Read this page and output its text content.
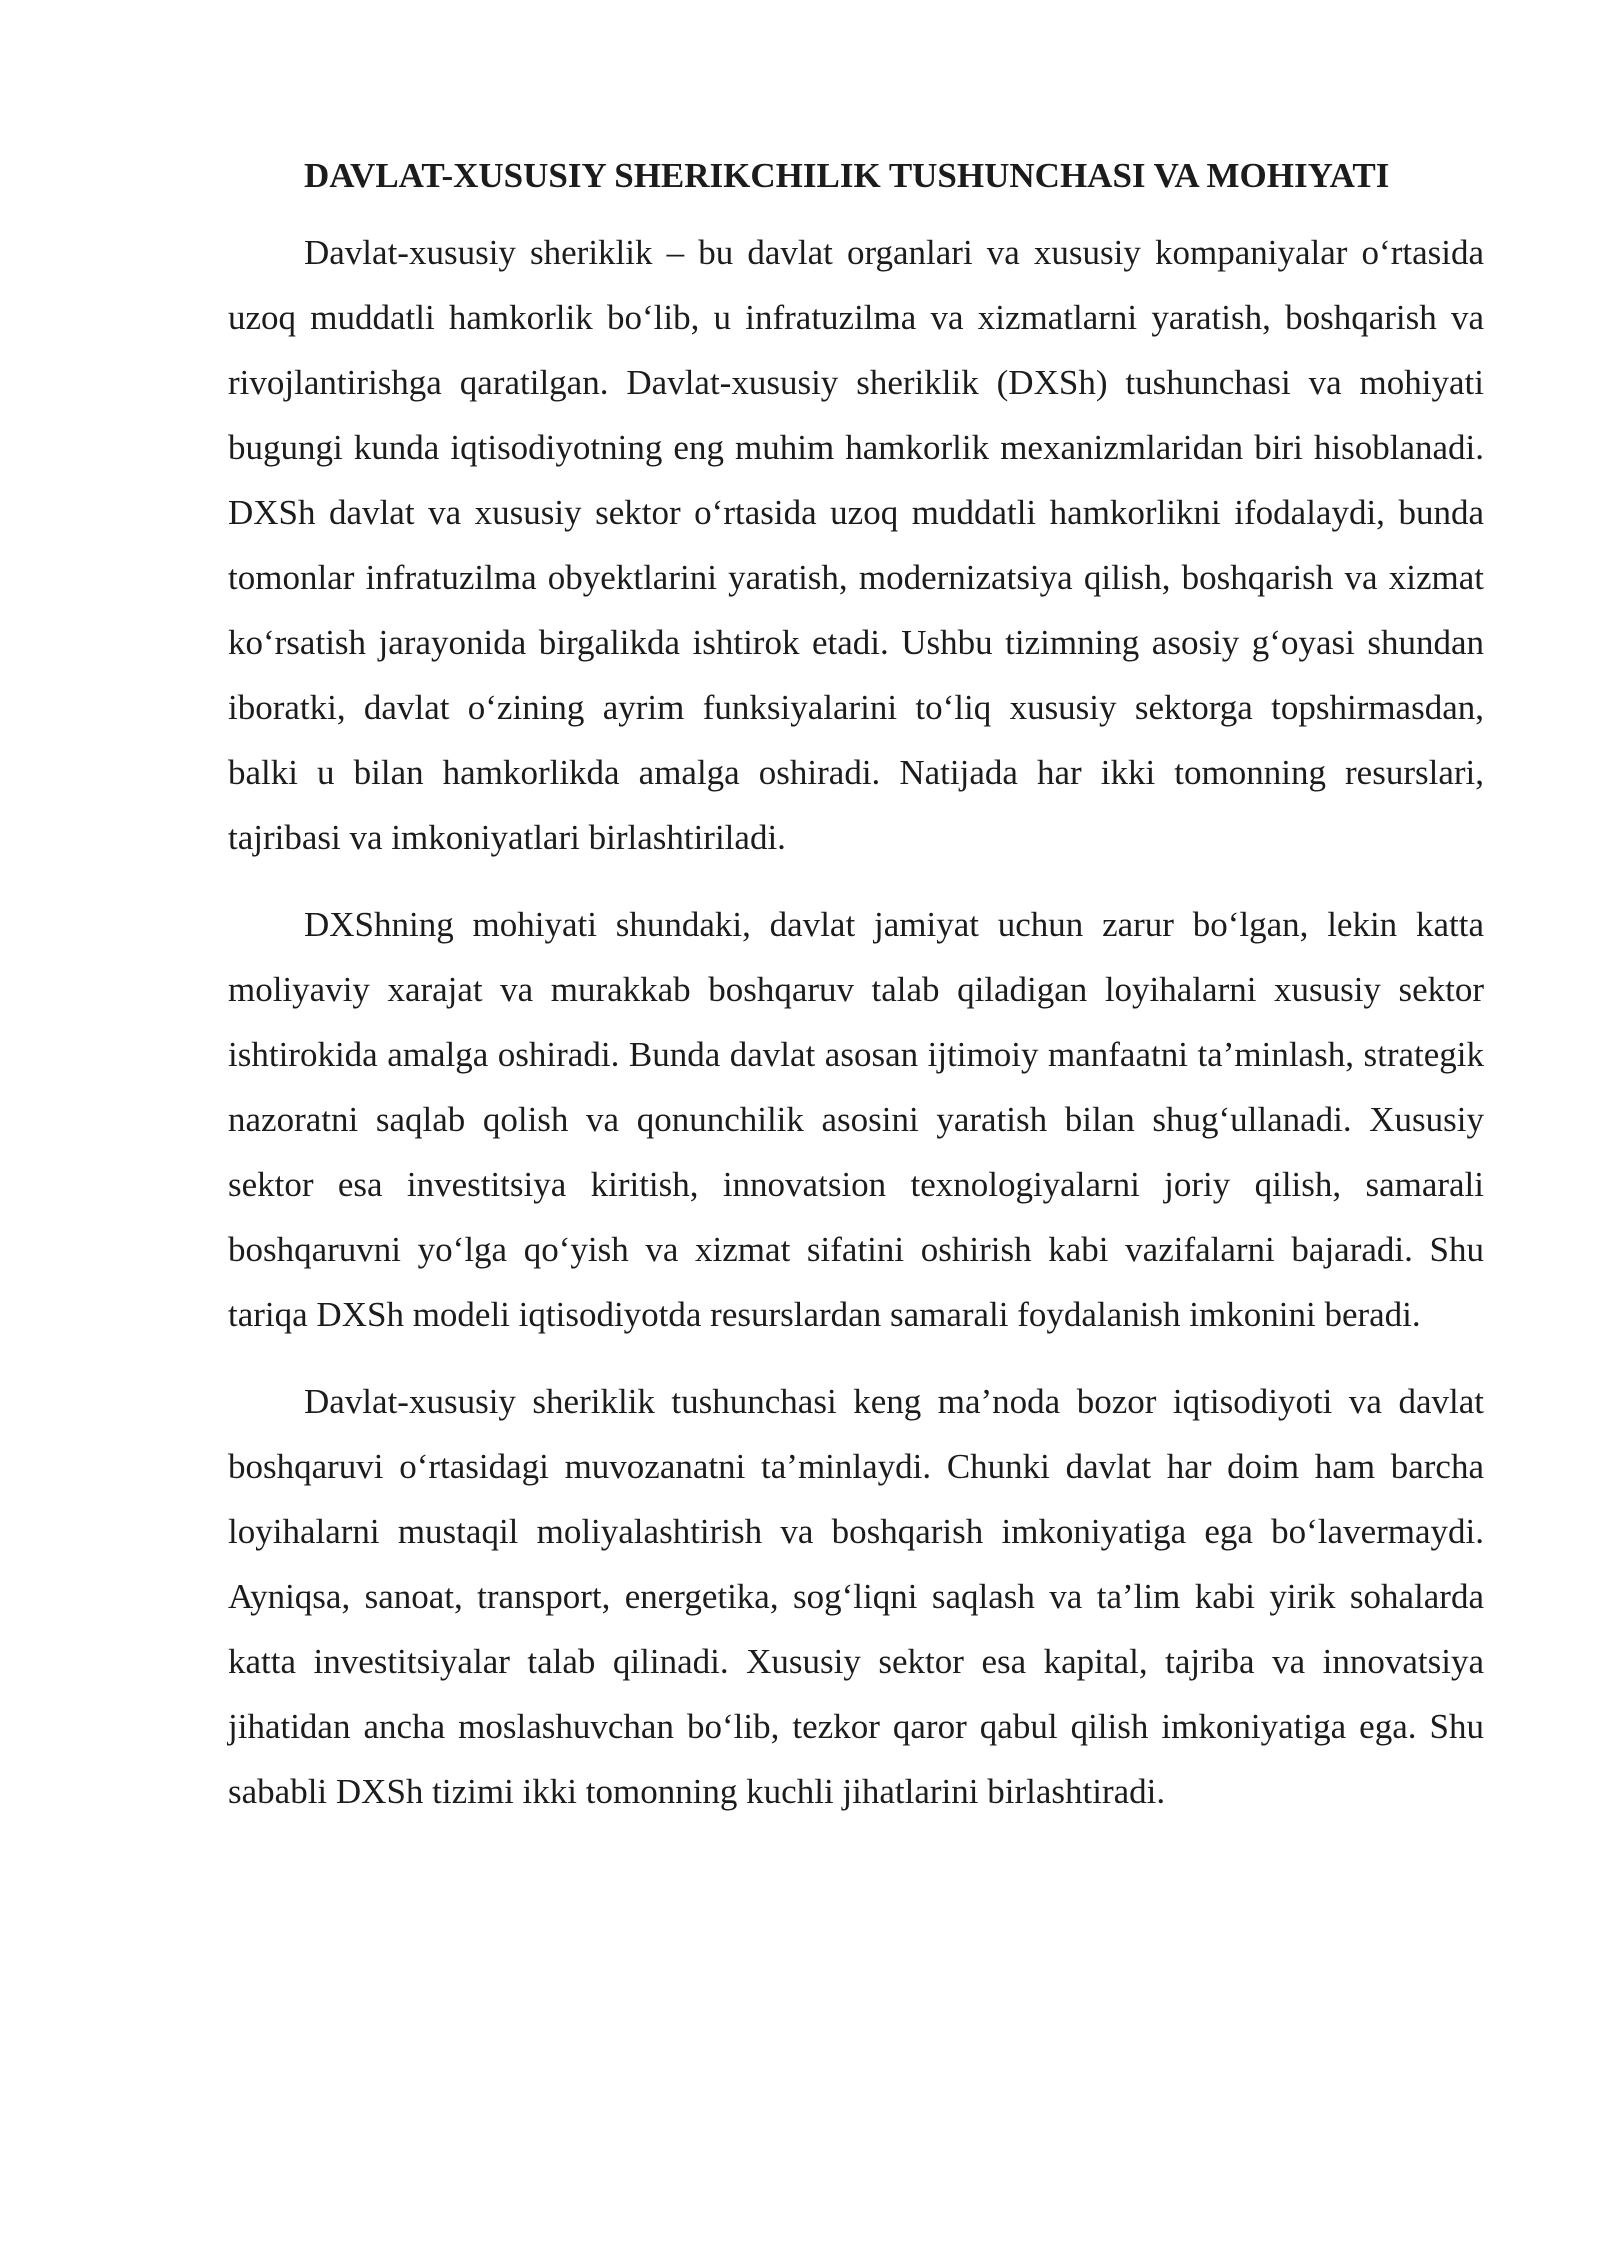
DAVLAT-XUSUSIY SHERIKCHILIK TUSHUNCHASI VA MOHIYATI

Davlat-xususiy sheriklik – bu davlat organlari va xususiy kompaniyalar o‘rtasida uzoq muddatli hamkorlik bo‘lib, u infratuzilma va xizmatlarni yaratish, boshqarish va rivojlantirishga qaratilgan. Davlat-xususiy sheriklik (DXSh) tushunchasi va mohiyati bugungi kunda iqtisodiyotning eng muhim hamkorlik mexanizmlaridan biri hisoblanadi. DXSh davlat va xususiy sektor o‘rtasida uzoq muddatli hamkorlikni ifodalaydi, bunda tomonlar infratuzilma obyektlarini yaratish, modernizatsiya qilish, boshqarish va xizmat ko‘rsatish jarayonida birgalikda ishtirok etadi. Ushbu tizimning asosiy g‘oyasi shundan iboratki, davlat o‘zining ayrim funksiyalarini to‘liq xususiy sektorga topshirmasdan, balki u bilan hamkorlikda amalga oshiradi. Natijada har ikki tomonning resurslari, tajribasi va imkoniyatlari birlashtiriladi.

DXShning mohiyati shundaki, davlat jamiyat uchun zarur bo‘lgan, lekin katta moliyaviy xarajat va murakkab boshqaruv talab qiladigan loyihalarni xususiy sektor ishtirokida amalga oshiradi. Bunda davlat asosan ijtimoiy manfaatni ta’minlash, strategik nazoratni saqlab qolish va qonunchilik asosini yaratish bilan shug‘ullanadi. Xususiy sektor esa investitsiya kiritish, innovatsion texnologiyalarni joriy qilish, samarali boshqaruvni yo‘lga qo‘yish va xizmat sifatini oshirish kabi vazifalarni bajaradi. Shu tariqa DXSh modeli iqtisodiyotda resurslardan samarali foydalanish imkonini beradi.

Davlat-xususiy sheriklik tushunchasi keng ma’noda bozor iqtisodiyoti va davlat boshqaruvi o‘rtasidagi muvozanatni ta’minlaydi. Chunki davlat har doim ham barcha loyihalarni mustaqil moliyalashtirish va boshqarish imkoniyatiga ega bo‘lavermaydi. Ayniqsa, sanoat, transport, energetika, sog‘liqni saqlash va ta’lim kabi yirik sohalarda katta investitsiyalar talab qilinadi. Xususiy sektor esa kapital, tajriba va innovatsiya jihatidan ancha moslashuvchan bo‘lib, tezkor qaror qabul qilish imkoniyatiga ega. Shu sababli DXSh tizimi ikki tomonning kuchli jihatlarini birlashtiradi.
